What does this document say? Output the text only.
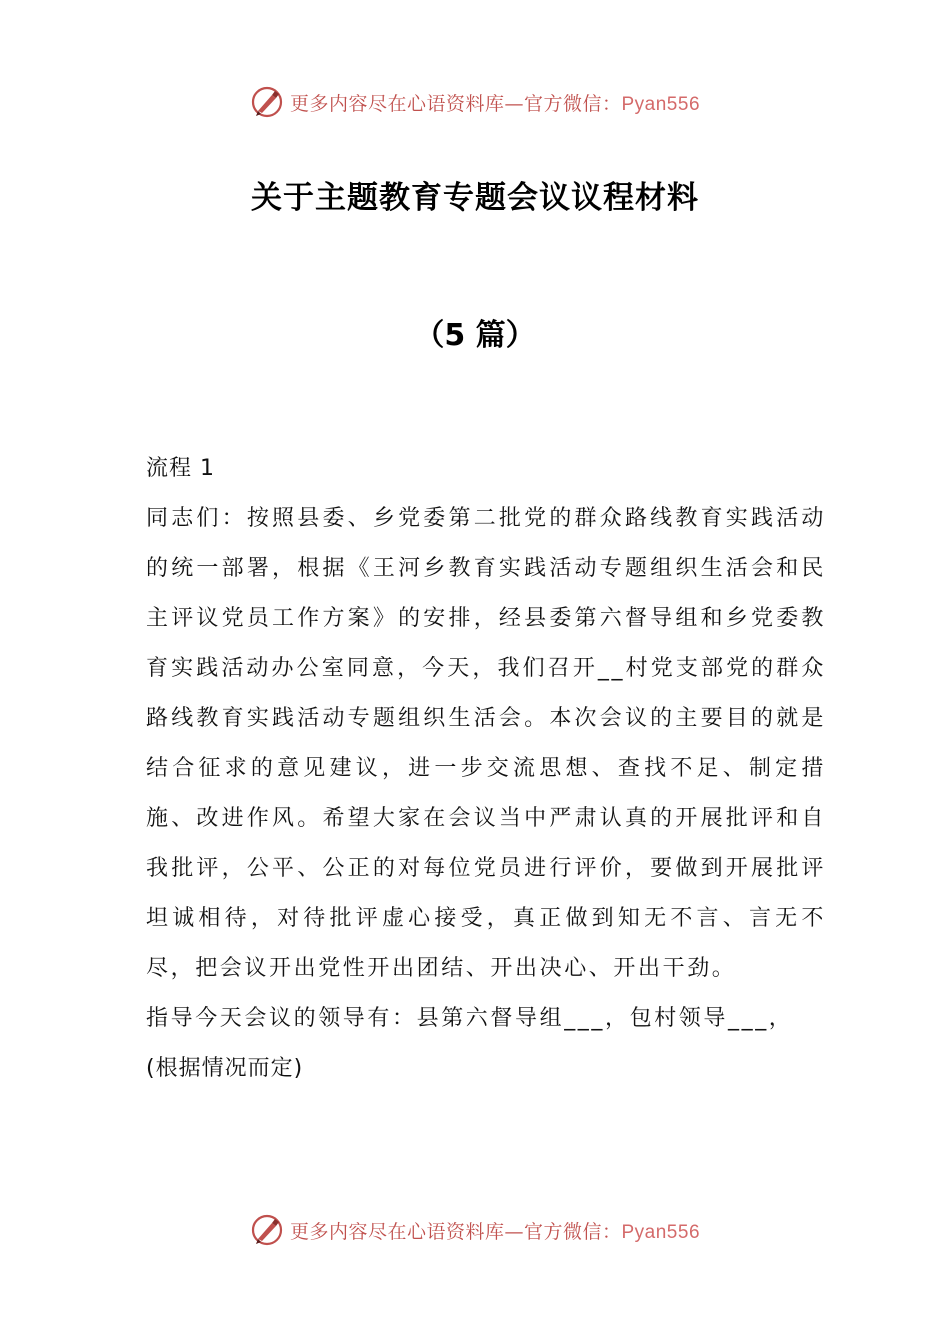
更多内容尽在心语资料库—官方微信：Pyan556
关于主题教育专题会议议程材料
（5 篇）

流程 1

同志们：按照县委、乡党委第二批党的群众路线教育实践活动的统一部署，根据《王河乡教育实践活动专题组织生活会和民主评议党员工作方案》的安排，经县委第六督导组和乡党委教育实践活动办公室同意，今天，我们召开__村党支部党的群众路线教育实践活动专题组织生活会。本次会议的主要目的就是结合征求的意见建议，进一步交流思想、查找不足、制定措施、改进作风。希望大家在会议当中严肃认真的开展批评和自我批评，公平、公正的对每位党员进行评价，要做到开展批评坦诚相待，对待批评虚心接受，真正做到知无不言、言无不尽，把会议开出党性开出团结、开出决心、开出干劲。

指导今天会议的领导有：县第六督导组___，包村领导___，

(根据情况而定)

更多内容尽在心语资料库—官方微信：Pyan556
